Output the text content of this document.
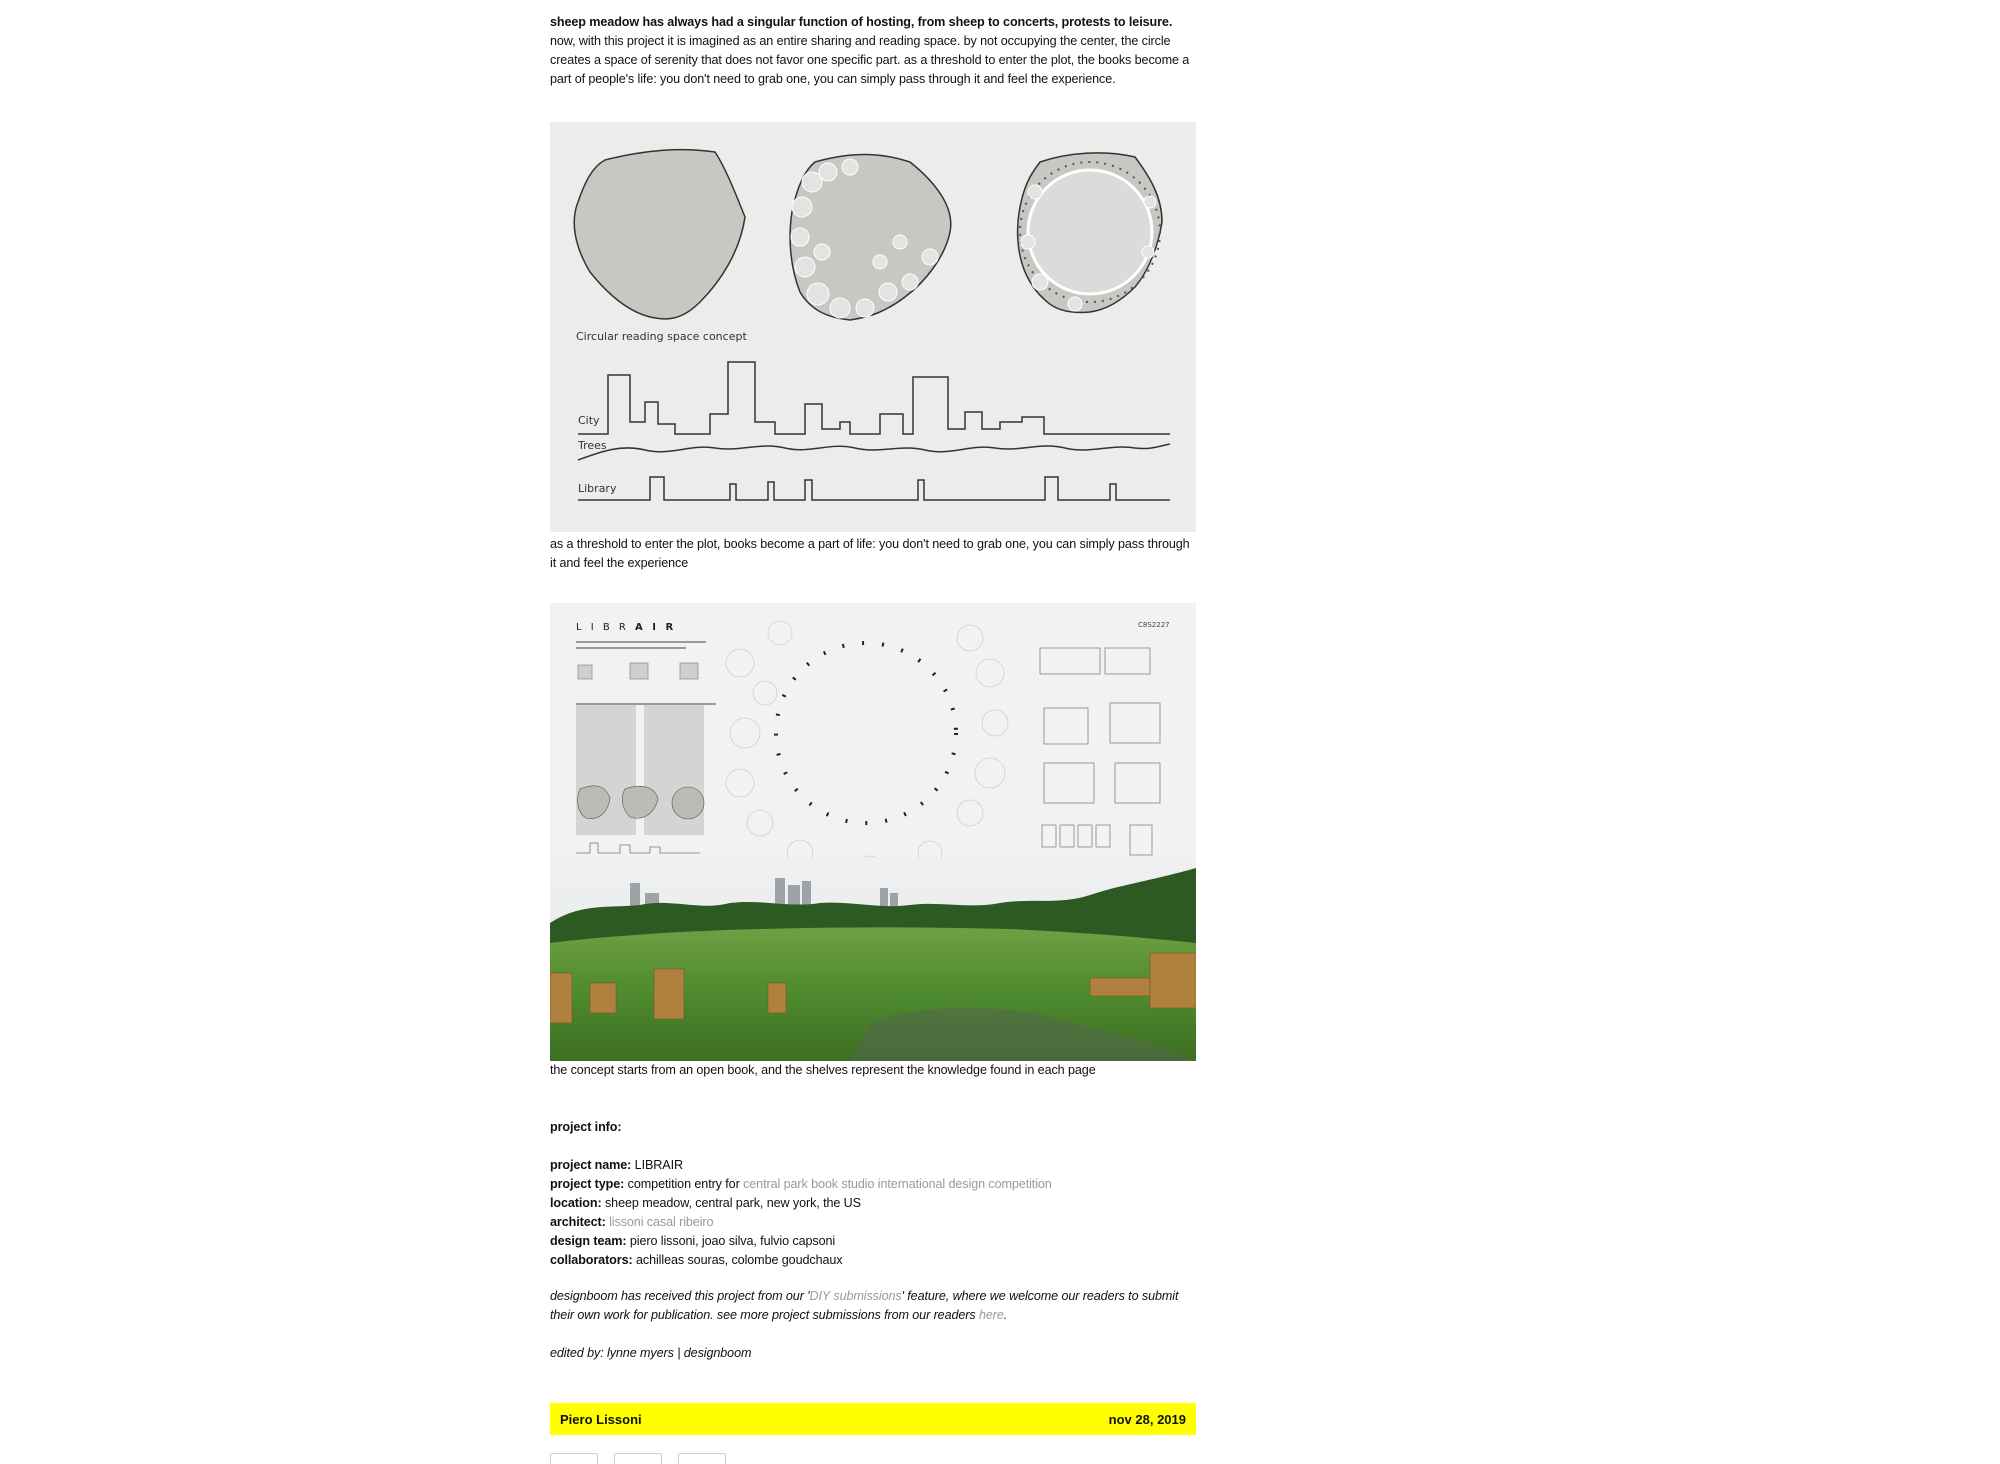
sheep meadow has always had a singular function of hosting, from sheep to concerts, protests to leisure. now, with this project it is imagined as an entire sharing and reading space. by not occupying the center, the circle creates a space of serenity that does not favor one specific part. as a threshold to enter the plot, the books become a part of people's life: you don't need to grab one, you can simply pass through it and feel the experience.
Circular reading space concept
City
Trees
Library
as a threshold to enter the plot, books become a part of life: you don't need to grab one, you can simply pass through it and feel the experience
L I B R A I R	C8S2227
the concept starts from an open book, and the shelves represent the knowledge found in each page
project info:
project name: LIBRAIR
project type: competition entry for central park book studio international design competition
location: sheep meadow, central park, new york, the US
architect: lissoni casal ribeiro
design team: piero lissoni, joao silva, fulvio capsoni
collaborators: achilleas souras, colombe goudchaux
designboom has received this project from our 'DIY submissions' feature, where we welcome our readers to submit their own work for publication. see more project submissions from our readers here.
edited by: lynne myers | designboom
Piero Lissoni	nov 28, 2019
